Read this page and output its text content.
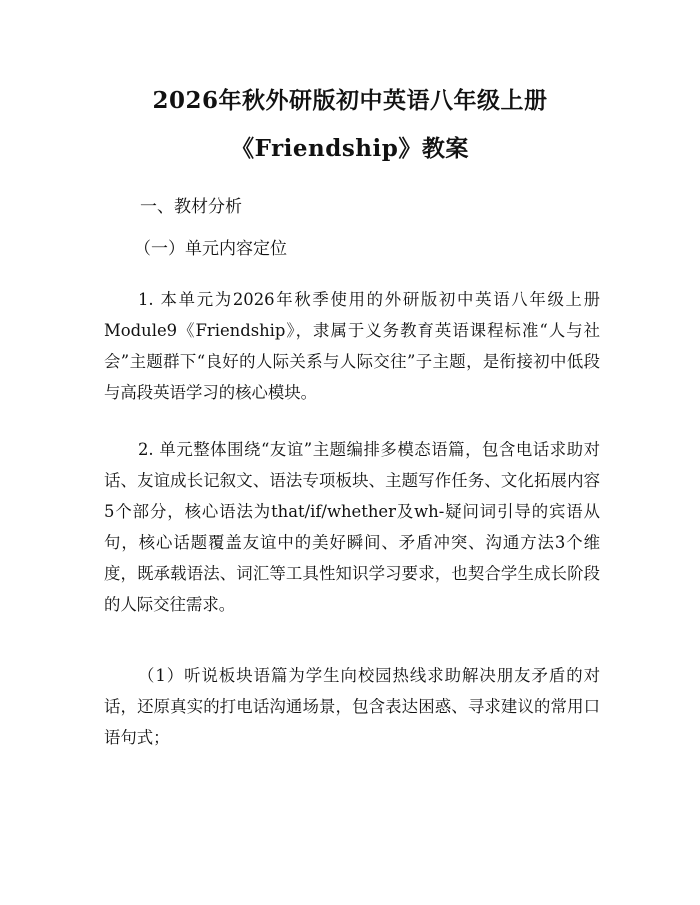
2026年秋外研版初中英语八年级上册
《Friendship》教案
一、教材分析
（一）单元内容定位
1. 本单元为2026年秋季使用的外研版初中英语八年级上册Module9《Friendship》，隶属于义务教育英语课程标准“人与社会”主题群下“良好的人际关系与人际交往”子主题，是衔接初中低段与高段英语学习的核心模块。
2. 单元整体围绕“友谊”主题编排多模态语篇，包含电话求助对话、友谊成长记叙文、语法专项板块、主题写作任务、文化拓展内容5个部分，核心语法为that/if/whether及wh-疑问词引导的宾语从句，核心话题覆盖友谊中的美好瞬间、矛盾冲突、沟通方法3个维度，既承载语法、词汇等工具性知识学习要求，也契合学生成长阶段的人际交往需求。
（1）听说板块语篇为学生向校园热线求助解决朋友矛盾的对话，还原真实的打电话沟通场景，包含表达困惑、寻求建议的常用口语句式；
